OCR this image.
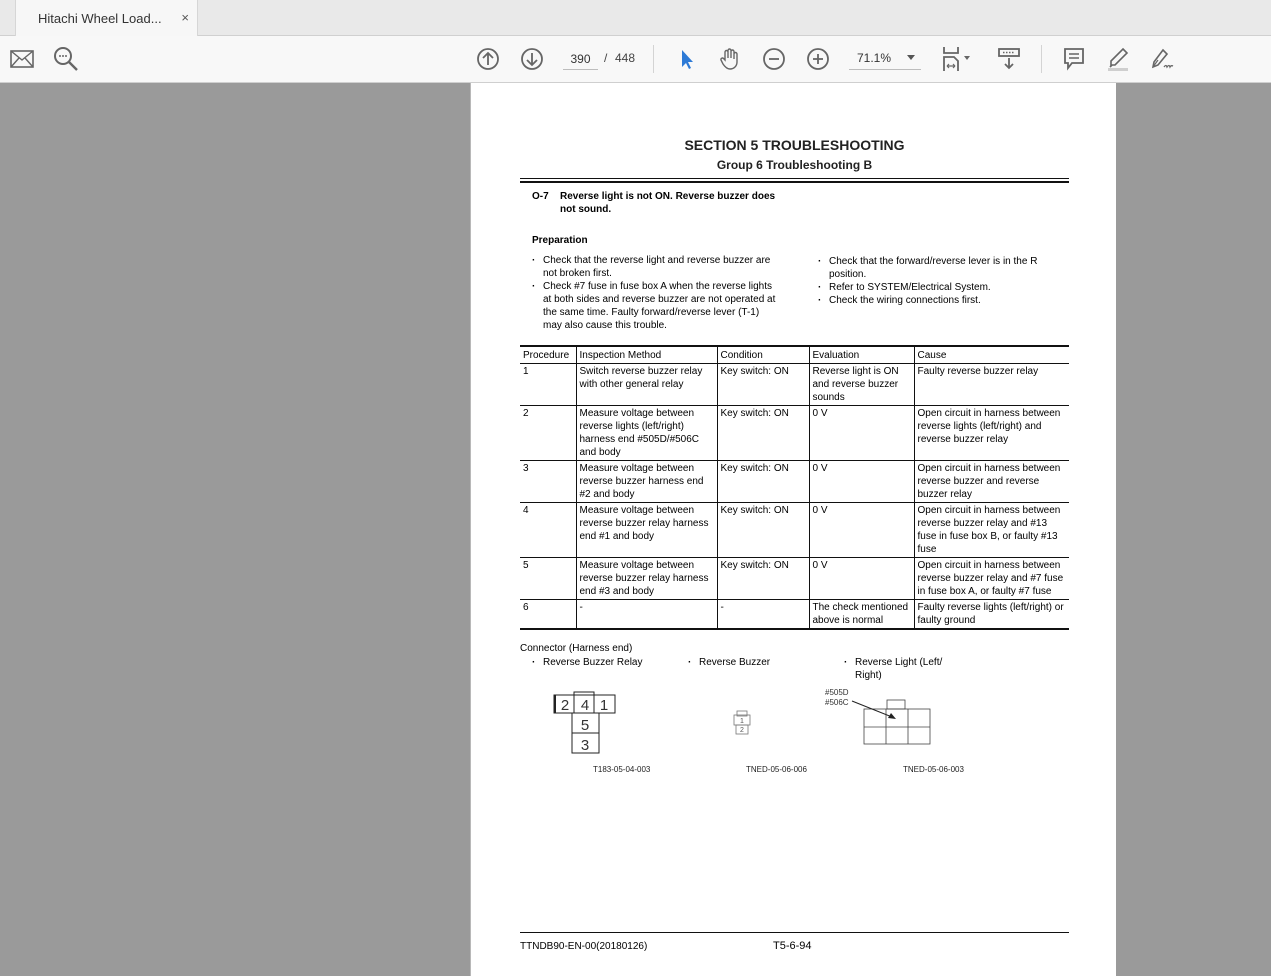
Hitachi Wheel Load... ×
390
/ 448	71.1%
SECTION 5 TROUBLESHOOTING
Group 6 Troubleshooting B
O-7 Reverse light is not ON. Reverse buzzer does not sound.
Preparation
· Check that the reverse light and reverse buzzer are not broken first.
· Check #7 fuse in fuse box A when the reverse lights at both sides and reverse buzzer are not operated at the same time. Faulty forward/reverse lever (T-1) may also cause this trouble.
· Check that the forward/reverse lever is in the R position.
· Refer to SYSTEM/Electrical System.
· Check the wiring connections first.
Procedure	Inspection Method	Condition	Evaluation	Cause
1	Switch reverse buzzer relay with other general relay	Key switch: ON	Reverse light is ON and reverse buzzer sounds	Faulty reverse buzzer relay
2	Measure voltage between reverse lights (left/right) harness end #505D/#506C and body	Key switch: ON	0 V	Open circuit in harness between reverse lights (left/right) and reverse buzzer relay
3	Measure voltage between reverse buzzer harness end #2 and body	Key switch: ON	0 V	Open circuit in harness between reverse buzzer and reverse buzzer relay
4	Measure voltage between reverse buzzer relay harness end #1 and body	Key switch: ON	0 V	Open circuit in harness between reverse buzzer relay and #13 fuse in fuse box B, or faulty #13 fuse
5	Measure voltage between reverse buzzer relay harness end #3 and body	Key switch: ON	0 V	Open circuit in harness between reverse buzzer relay and #7 fuse in fuse box A, or faulty #7 fuse
6	-	-	The check mentioned above is normal	Faulty reverse lights (left/right) or faulty ground
Connector (Harness end)
· Reverse Buzzer Relay	· Reverse Buzzer	· Reverse Light (Left/ Right)
2 4 1
5
3
T183-05-04-003
1
2
TNED-05-06-006
#505D
#506C
TNED-05-06-003
TTNDB90-EN-00(20180126)	T5-6-94
